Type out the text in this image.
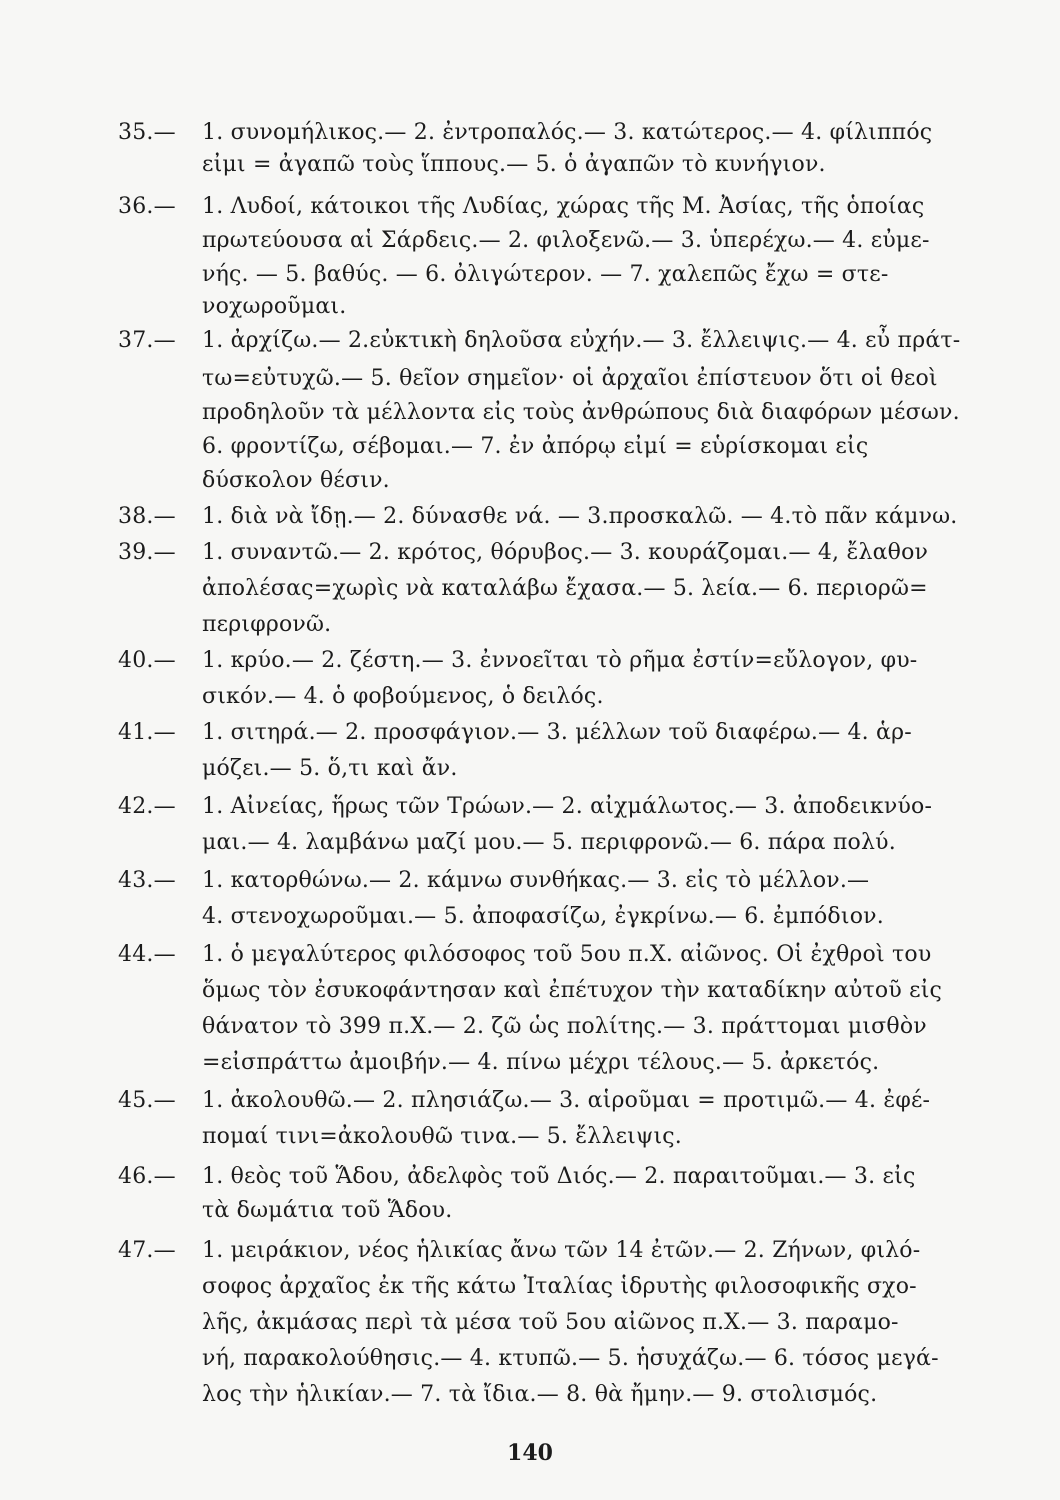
35.— 1. συνομήλικος.— 2. ἐντροπαλός.— 3. κατώτερος.— 4. φίλιππός
εἰμι = ἀγαπῶ τοὺς ἵππους.— 5. ὁ ἀγαπῶν τὸ κυνήγιον.
36.— 1. Λυδοί, κάτοικοι τῆς Λυδίας, χώρας τῆς Μ. Ἀσίας, τῆς ὁποίας
πρωτεύουσα αἱ Σάρδεις.— 2. φιλοξενῶ.— 3. ὑπερέχω.— 4. εὐμε-
νής. — 5. βαθύς. — 6. ὀλιγώτερον. — 7. χαλεπῶς ἔχω = στε-
νοχωροῦμαι.
37.— 1. ἀρχίζω.— 2.εὐκτικὴ δηλοῦσα εὐχήν.— 3. ἔλλειψις.— 4. εὖ πράτ-
τω=εὐτυχῶ.— 5. θεῖον σημεῖον· οἱ ἀρχαῖοι ἐπίστευον ὅτι οἱ θεοὶ
προδηλοῦν τὰ μέλλοντα εἰς τοὺς ἀνθρώπους διὰ διαφόρων μέσων.
6. φροντίζω, σέβομαι.— 7. ἐν ἀπόρῳ εἰμί = εὑρίσκομαι εἰς
δύσκολον θέσιν.
38.— 1. διὰ νὰ ἴδῃ.— 2. δύνασθε νά. — 3.προσκαλῶ. — 4.τὸ πᾶν κάμνω.
39.— 1. συναντῶ.— 2. κρότος, θόρυβος.— 3. κουράζομαι.— 4, ἔλαθον
ἀπολέσας=χωρὶς νὰ καταλάβω ἔχασα.— 5. λεία.— 6. περιορῶ=
περιφρονῶ.
40.— 1. κρύο.— 2. ζέστη.— 3. ἐννοεῖται τὸ ρῆμα ἐστίν=εὔλογον, φυ-
σικόν.— 4. ὁ φοβούμενος, ὁ δειλός.
41.— 1. σιτηρά.— 2. προσφάγιον.— 3. μέλλων τοῦ διαφέρω.— 4. ἁρ-
μόζει.— 5. ὅ,τι καὶ ἄν.
42.— 1. Αἰνείας, ἥρως τῶν Τρώων.— 2. αἰχμάλωτος.— 3. ἀποδεικνύο-
μαι.— 4. λαμβάνω μαζί μου.— 5. περιφρονῶ.— 6. πάρα πολύ.
43.— 1. κατορθώνω.— 2. κάμνω συνθήκας.— 3. εἰς τὸ μέλλον.—
4. στενοχωροῦμαι.— 5. ἀποφασίζω, ἐγκρίνω.— 6. ἐμπόδιον.
44.— 1. ὁ μεγαλύτερος φιλόσοφος τοῦ 5ου π.Χ. αἰῶνος. Οἱ ἐχθροὶ του
ὅμως τὸν ἐσυκοφάντησαν καὶ ἐπέτυχον τὴν καταδίκην αὐτοῦ εἰς
θάνατον τὸ 399 π.Χ.— 2. ζῶ ὡς πολίτης.— 3. πράττομαι μισθὸν
=εἰσπράττω ἀμοιβήν.— 4. πίνω μέχρι τέλους.— 5. ἀρκετός.
45.— 1. ἀκολουθῶ.— 2. πλησιάζω.— 3. αἱροῦμαι = προτιμῶ.— 4. ἐφέ-
πομαί τινι=ἀκολουθῶ τινα.— 5. ἔλλειψις.
46.— 1. θεὸς τοῦ Ἅδου, ἀδελφὸς τοῦ Διός.— 2. παραιτοῦμαι.— 3. εἰς
τὰ δωμάτια τοῦ Ἅδου.
47.— 1. μειράκιον, νέος ἡλικίας ἄνω τῶν 14 ἐτῶν.— 2. Ζήνων, φιλό-
σοφος ἀρχαῖος ἐκ τῆς κάτω Ἰταλίας ἱδρυτὴς φιλοσοφικῆς σχο-
λῆς, ἀκμάσας περὶ τὰ μέσα τοῦ 5ου αἰῶνος π.Χ.— 3. παραμο-
νή, παρακολούθησις.— 4. κτυπῶ.— 5. ἡσυχάζω.— 6. τόσος μεγά-
λος τὴν ἡλικίαν.— 7. τὰ ἴδια.— 8. θὰ ἤμην.— 9. στολισμός.
140
